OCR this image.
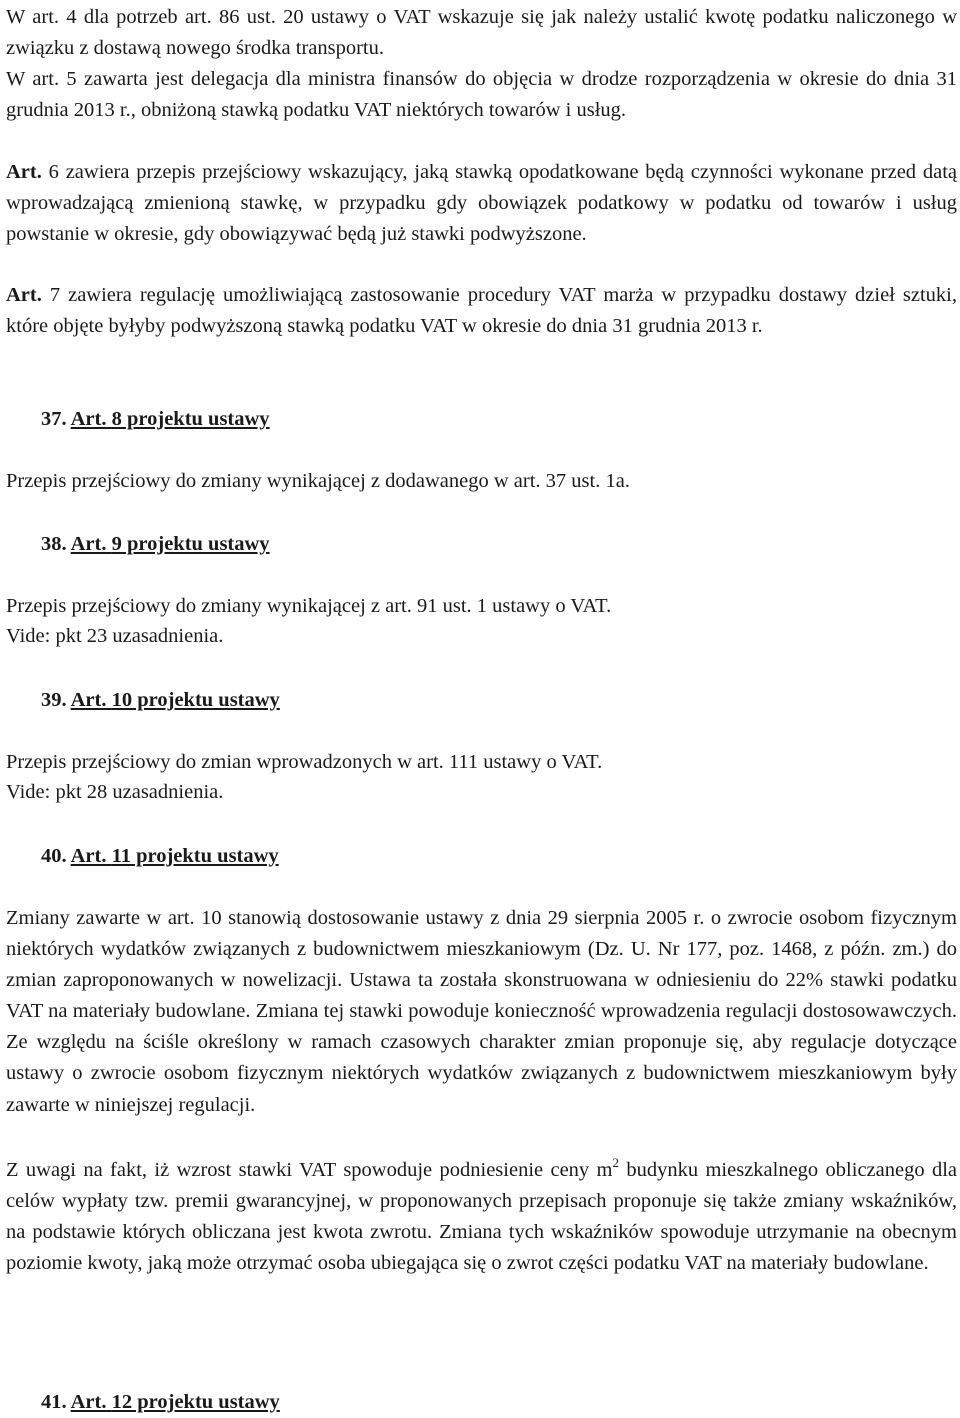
W art. 4 dla potrzeb art. 86 ust. 20 ustawy o VAT wskazuje się jak należy ustalić kwotę podatku naliczonego w związku z dostawą nowego środka transportu.

W art. 5 zawarta jest delegacja dla ministra finansów do objęcia w drodze rozporządzenia w okresie do dnia 31 grudnia 2013 r., obniżoną stawką podatku VAT niektórych towarów i usług.

Art. 6 zawiera przepis przejściowy wskazujący, jaką stawką opodatkowane będą czynności wykonane przed datą wprowadzającą zmienioną stawkę, w przypadku gdy obowiązek podatkowy w podatku od towarów i usług powstanie w okresie, gdy obowiązywać będą już stawki podwyższone.

Art. 7 zawiera regulację umożliwiającą zastosowanie procedury VAT marża w przypadku dostawy dzieł sztuki, które objęte byłyby podwyższoną stawką podatku VAT w okresie do dnia 31 grudnia 2013 r.

37. Art. 8 projektu ustawy

Przepis przejściowy do zmiany wynikającej z dodawanego w art. 37 ust. 1a.

38. Art. 9 projektu ustawy

Przepis przejściowy do zmiany wynikającej z art. 91 ust. 1 ustawy o VAT.

Vide: pkt 23 uzasadnienia.

39. Art. 10 projektu ustawy

Przepis przejściowy do zmian wprowadzonych w art. 111 ustawy o VAT.

Vide: pkt 28 uzasadnienia.

40. Art. 11 projektu ustawy

Zmiany zawarte w art. 10 stanowią dostosowanie ustawy z dnia 29 sierpnia 2005 r. o zwrocie osobom fizycznym niektórych wydatków związanych z budownictwem mieszkaniowym (Dz. U. Nr 177, poz. 1468, z późn. zm.) do zmian zaproponowanych w nowelizacji. Ustawa ta została skonstruowana w odniesieniu do 22% stawki podatku VAT na materiały budowlane. Zmiana tej stawki powoduje konieczność wprowadzenia regulacji dostosowawczych. Ze względu na ściśle określony w ramach czasowych charakter zmian proponuje się, aby regulacje dotyczące ustawy o zwrocie osobom fizycznym niektórych wydatków związanych z budownictwem mieszkaniowym były zawarte w niniejszej regulacji.

Z uwagi na fakt, iż wzrost stawki VAT spowoduje podniesienie ceny $m^2$ budynku mieszkalnego obliczanego dla celów wypłaty tzw. premii gwarancyjnej, w proponowanych przepisach proponuje się także zmiany wskaźników, na podstawie których obliczana jest kwota zwrotu. Zmiana tych wskaźników spowoduje utrzymanie na obecnym poziomie kwoty, jaką może otrzymać osoba ubiegająca się o zwrot części podatku VAT na materiały budowlane.

41. Art. 12 projektu ustawy
